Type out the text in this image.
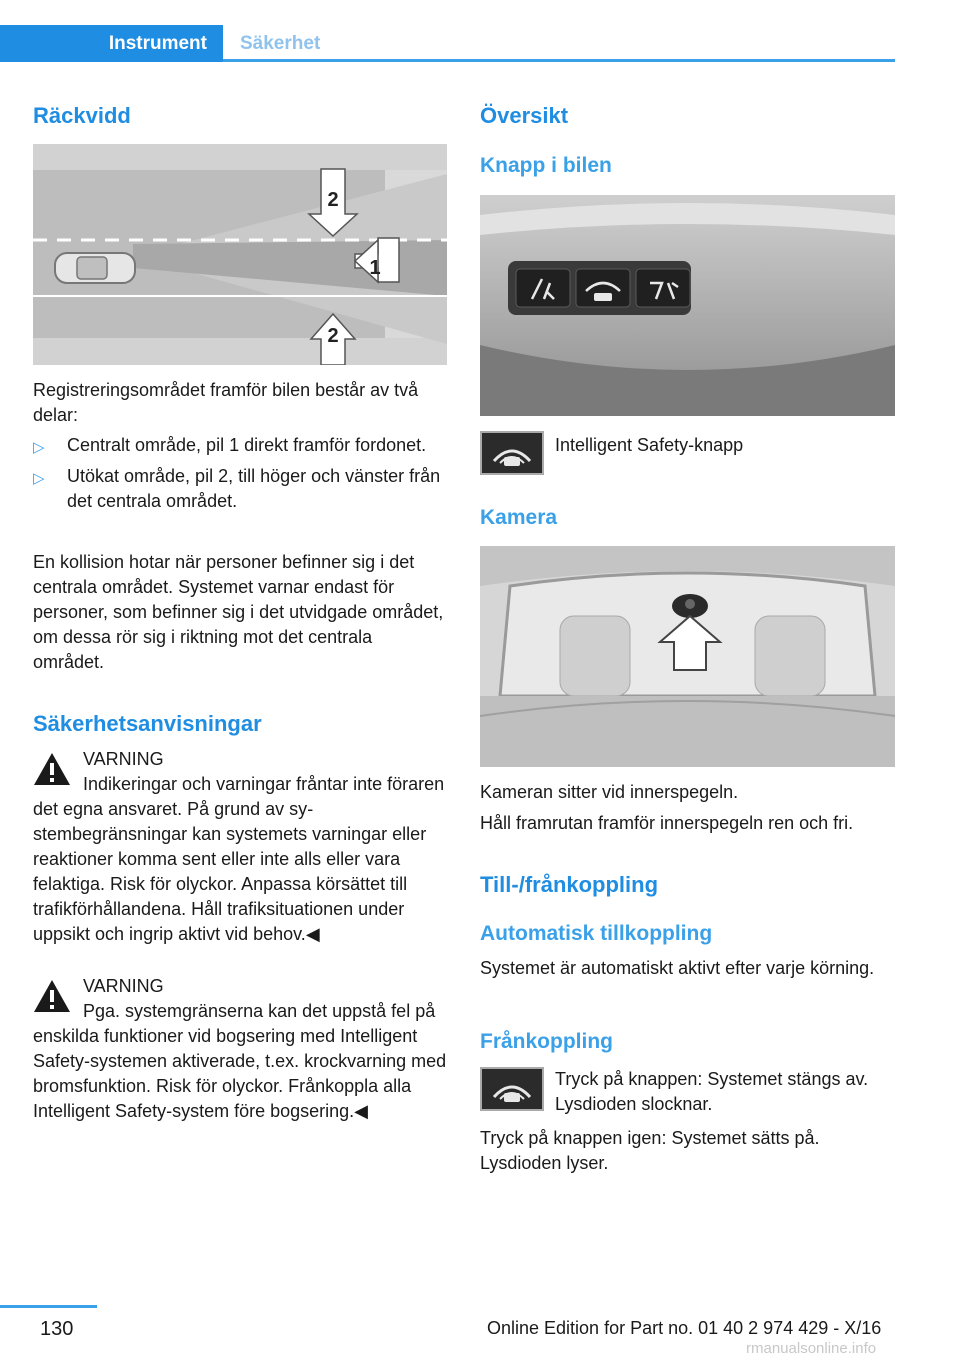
Instrument	Säkerhet
Räckvidd
2
1
2
Registreringsområdet framför bilen består av två delar:
▷ Centralt område, pil 1 direkt framför fordonet.
▷ Utökat område, pil 2, till höger och vänster från det centrala området.
En kollision hotar när personer befinner sig i det centrala området. Systemet varnar endast för personer, som befinner sig i det utvidgade området, om dessa rör sig i riktning mot det centrala området.
Säkerhetsanvisningar
VARNING
Indikeringar och varningar fråntar inte föraren det egna ansvaret. På grund av systembegränsningar kan systemets varningar eller reaktioner komma sent eller inte alls eller vara felaktiga. Risk för olyckor. Anpassa körsättet till trafikförhållandena. Håll trafiksituationen under uppsikt och ingrip aktivt vid behov.◀
VARNING
Pga. systemgränserna kan det uppstå fel på enskilda funktioner vid bogsering med Intelligent Safety-systemen aktiverade, t.ex. krockvarning med bromsfunktion. Risk för olyckor. Frånkoppla alla Intelligent Safety-system före bogsering.◀
Översikt
Knapp i bilen
Intelligent Safety-knapp
Kamera
Kameran sitter vid innerspegeln.
Håll framrutan framför innerspegeln ren och fri.
Till-/frånkoppling
Automatisk tillkoppling
Systemet är automatiskt aktivt efter varje körning.
Frånkoppling
Tryck på knappen: Systemet stängs av. Lysdioden slocknar.
Tryck på knappen igen: Systemet sätts på. Lysdioden lyser.
130	Online Edition for Part no. 01 40 2 974 429 - X/16
rmanualsonline.info
